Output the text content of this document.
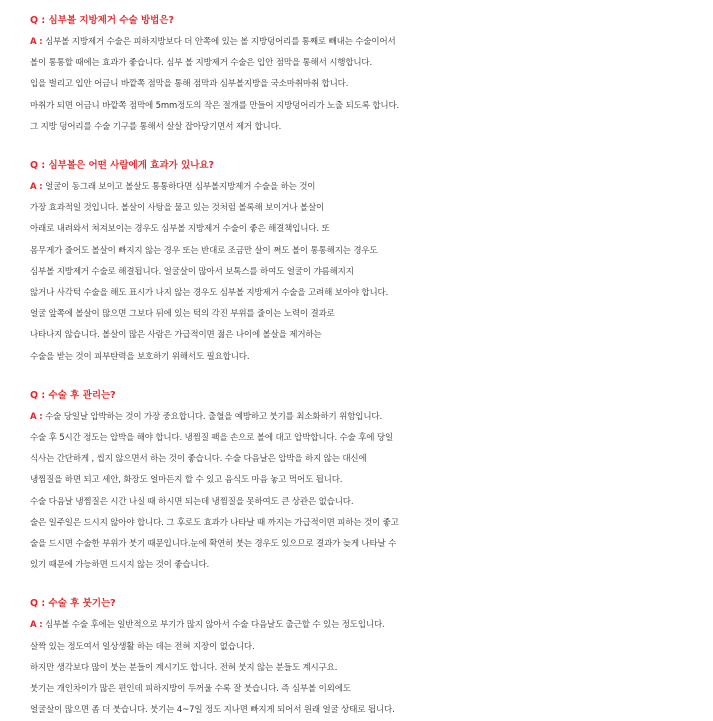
Q : 심부볼 지방제거 수술 방법은?
A : 심부볼 지방제거 수술은 피하지방보다 더 안쪽에 있는 볼 지방덩어리를 통째로 빼내는 수술이어서
볼이 통통할 때에는 효과가 좋습니다. 심부 볼 지방제거 수술은 입안 점막을 통해서 시행합니다.
입을 벌리고 입안 어금니 바깥쪽 점막을 통해 점막과 심부볼지방을 국소마취마취 합니다.
마취가 되면 어금니 바깥쪽 점막에 5mm정도의 작은 절개를 만들어 지방덩어리가 노출 되도록 합니다.
그 지방 덩어리를 수술 기구를 통해서 살살 잡아당기면서 제거 합니다.
Q : 심부볼은 어떤 사람에게 효과가 있나요?
A : 얼굴이 동그래 보이고 볼살도 통통하다면 심부볼지방제거 수술을 하는 것이
가장 효과적일 것입니다. 볼살이 사탕을 물고 있는 것처럼 볼록해 보이거나 볼살이
아래로 내려와서 쳐져보이는 경우도 심부볼 지방제거 수술이 좋은 해결책입니다. 또
몸무게가 줄어도 볼살이 빠지지 않는 경우 또는 반대로 조금만 살이 쪄도 볼이 통통해지는 경우도
심부볼 지방제거 수술로 해결됩니다. 얼굴살이 많아서 보톡스를 하여도 얼굴이 갸름해지지
않거나 사각턱 수술을 해도 표시가 나지 않는 경우도 심부볼 지방제거 수술을 고려해 보아야 합니다.
얼굴 앞쪽에 볼살이 많으면 그보다 뒤에 있는 턱의 각진 부위를 줄이는 노력이 결과로
나타나지 않습니다. 볼살이 많은 사람은 가급적이면 젊은 나이에 볼살을 제거하는
수술을 받는 것이 피부탄력을 보호하기 위해서도 필요합니다.
Q : 수술 후 관리는?
A : 수술 당일날 압박하는 것이 가장 중요합니다. 출혈을 예방하고 붓기를 최소화하기 위함입니다.
수술 후 5시간 정도는 압박을 해야 합니다. 냉찜질 팩을 손으로 볼에 대고 압박합니다. 수술 후에 당일
식사는 간단하게 , 씹지 않으면서 하는 것이 좋습니다. 수술 다음날은 압박을 하지 않는 대신에
냉찜질을 하면 되고 세안, 화장도 얼마든지 할 수 있고 음식도 마음 놓고 먹어도 됩니다.
수술 다음날 냉찜질은 시간 나실 때 하시면 되는데 냉찜질을 못하여도 큰 상관은 없습니다.
술은 일주일은 드시지 않아야 합니다. 그 후로도 효과가 나타날 때 까지는 가급적이면 피하는 것이 좋고
술을 드시면 수술한 부위가 붓기 때문입니다.눈에 확연히 붓는 경우도 있으므로 결과가 늦게 나타날 수
있기 때문에 가능하면 드시지 않는 것이 좋습니다.
Q : 수술 후 붓기는?
A : 심부볼 수술 후에는 일반적으로 부기가 많지 않아서 수술 다음날도 출근할 수 있는 정도입니다.
살짝 있는 정도여서 일상생활 하는 데는 전혀 지장이 없습니다.
하지만 생각보다 많이 붓는 분들이 계시기도 합니다. 전혀 붓지 않는 분들도 계시구요.
붓기는 개인차이가 많은 편인데 피하지방이 두꺼울 수록 잘 붓습니다. 즉 심부볼 이외에도
얼굴살이 많으면 좀 더 붓습니다. 붓기는 4~7일 정도 지나면 빠지게 되어서 원래 얼굴 상태로 됩니다.
